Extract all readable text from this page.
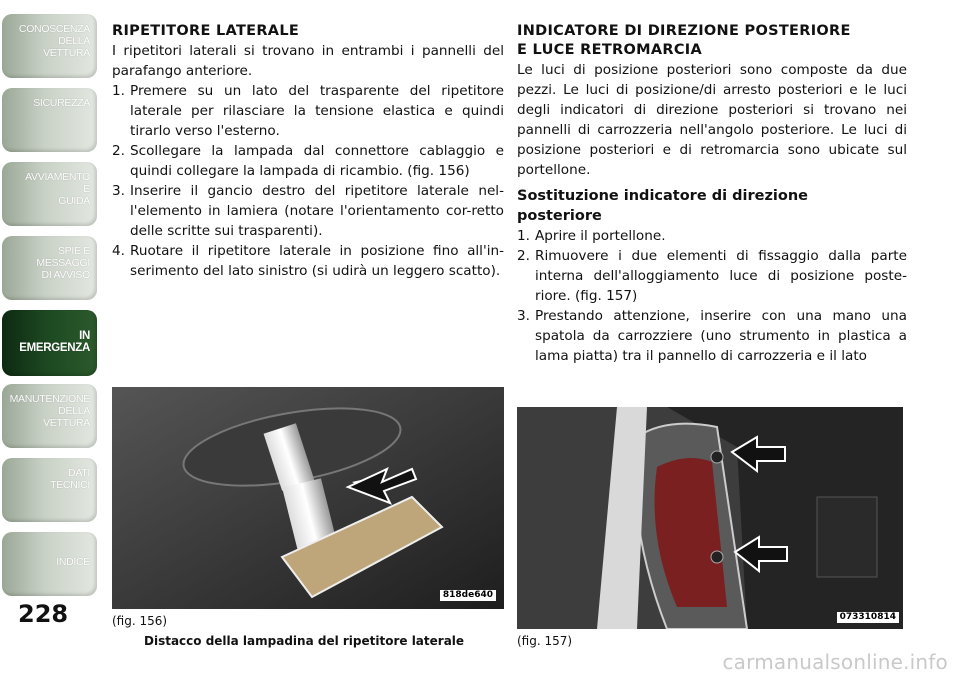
CONOSCENZA
DELLA
VETTURA
SICUREZZA
AVVIAMENTO
E
GUIDA
SPIE E
MESSAGGI
DI AVVISO
IN
EMERGENZA
MANUTENZIONE
DELLA
VETTURA
DATI
TECNICI
INDICE
228
RIPETITORE LATERALE

I ripetitori laterali si trovano in entrambi i pannelli del parafango anteriore.

1. Premere su un lato del trasparente del ripetitore laterale per rilasciare la tensione elastica e quindi tirarlo verso l'esterno.
2. Scollegare la lampada dal connettore cablaggio e quindi collegare la lampada di ricambio. (fig. 156)
3. Inserire il gancio destro del ripetitore laterale nel-l'elemento in lamiera (notare l'orientamento cor-retto delle scritte sui trasparenti).
4. Ruotare il ripetitore laterale in posizione fino all'in-serimento del lato sinistro (si udirà un leggero scatto).
818de640
(fig. 156)
Distacco della lampadina del ripetitore laterale
INDICATORE DI DIREZIONE POSTERIORE
E LUCE RETROMARCIA

Le luci di posizione posteriori sono composte da due pezzi. Le luci di posizione/di arresto posteriori e le luci degli indicatori di direzione posteriori si trovano nei pannelli di carrozzeria nell'angolo posteriore. Le luci di posizione posteriori e di retromarcia sono ubicate sul portellone.

Sostituzione indicatore di direzione
posteriore
1. Aprire il portellone.
2. Rimuovere i due elementi di fissaggio dalla parte interna dell'alloggiamento luce di posizione poste-riore. (fig. 157)
3. Prestando attenzione, inserire con una mano una spatola da carrozziere (uno strumento in plastica a lama piatta) tra il pannello di carrozzeria e il lato
073310814
(fig. 157)
carmanualsonline.info
